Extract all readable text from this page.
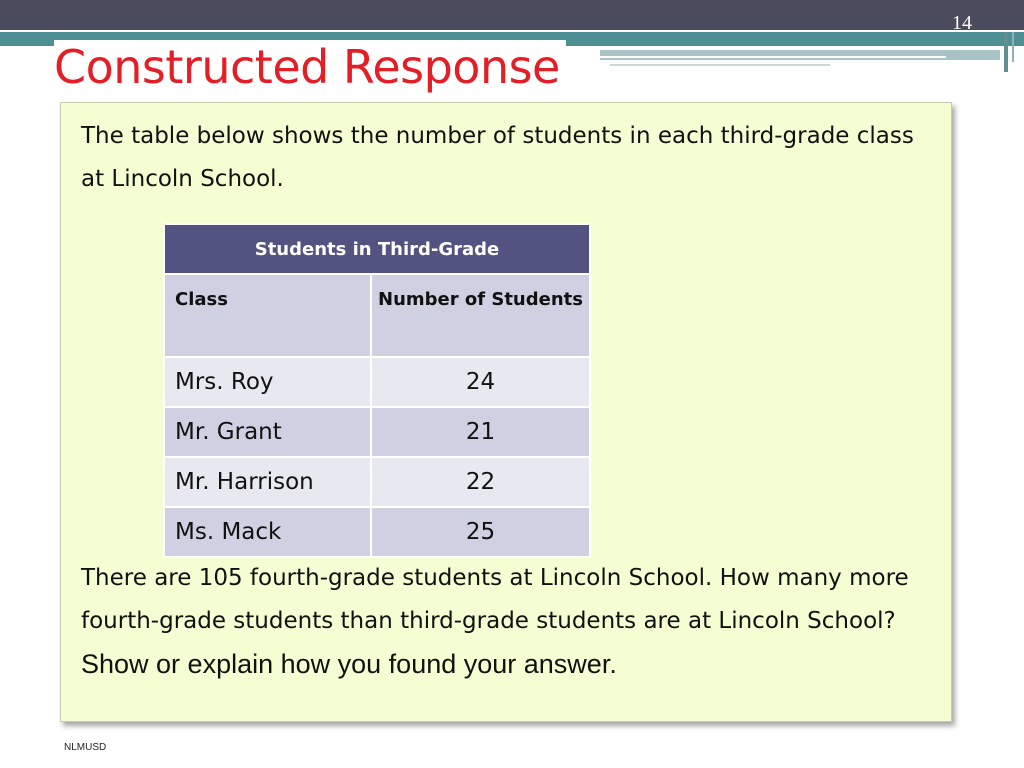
14
Constructed Response
The table below shows the number of students in each third-grade class at Lincoln School.
Students in Third-Grade	
Class	Number of Students
Mrs. Roy	24
Mr. Grant	21
Mr. Harrison	22
Ms. Mack	25
There are 105 fourth-grade students at Lincoln School. How many more fourth-grade students than third-grade students are at Lincoln School? Show or explain how you found your answer.
NLMUSD
